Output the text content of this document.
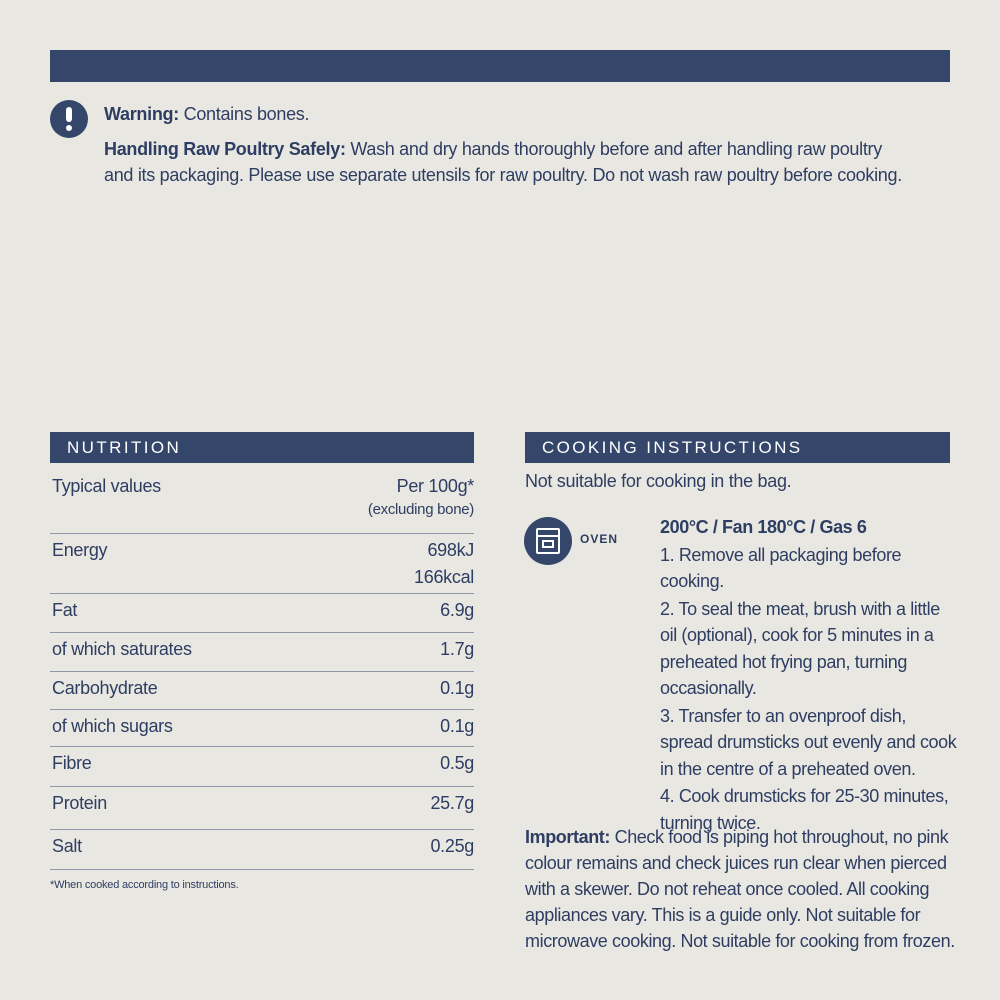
Warning: Contains bones.

Handling Raw Poultry Safely: Wash and dry hands thoroughly before and after handling raw poultry and its packaging. Please use separate utensils for raw poultry. Do not wash raw poultry before cooking.

NUTRITION
Typical values	Per 100g*
(excluding bone)
Energy	698kJ
166kcal
Fat	6.9g
of which saturates	1.7g
Carbohydrate	0.1g
of which sugars	0.1g
Fibre	0.5g
Protein	25.7g
Salt	0.25g
*When cooked according to instructions.
COOKING INSTRUCTIONS
Not suitable for cooking in the bag.
OVEN
200°C / Fan 180°C / Gas 6
1. Remove all packaging before cooking.
2. To seal the meat, brush with a little oil (optional), cook for 5 minutes in a preheated hot frying pan, turning occasionally.
3. Transfer to an ovenproof dish, spread drumsticks out evenly and cook in the centre of a preheated oven.
4. Cook drumsticks for 25-30 minutes, turning twice.
Important: Check food is piping hot throughout, no pink colour remains and check juices run clear when pierced with a skewer. Do not reheat once cooled. All cooking appliances vary. This is a guide only. Not suitable for microwave cooking. Not suitable for cooking from frozen.
